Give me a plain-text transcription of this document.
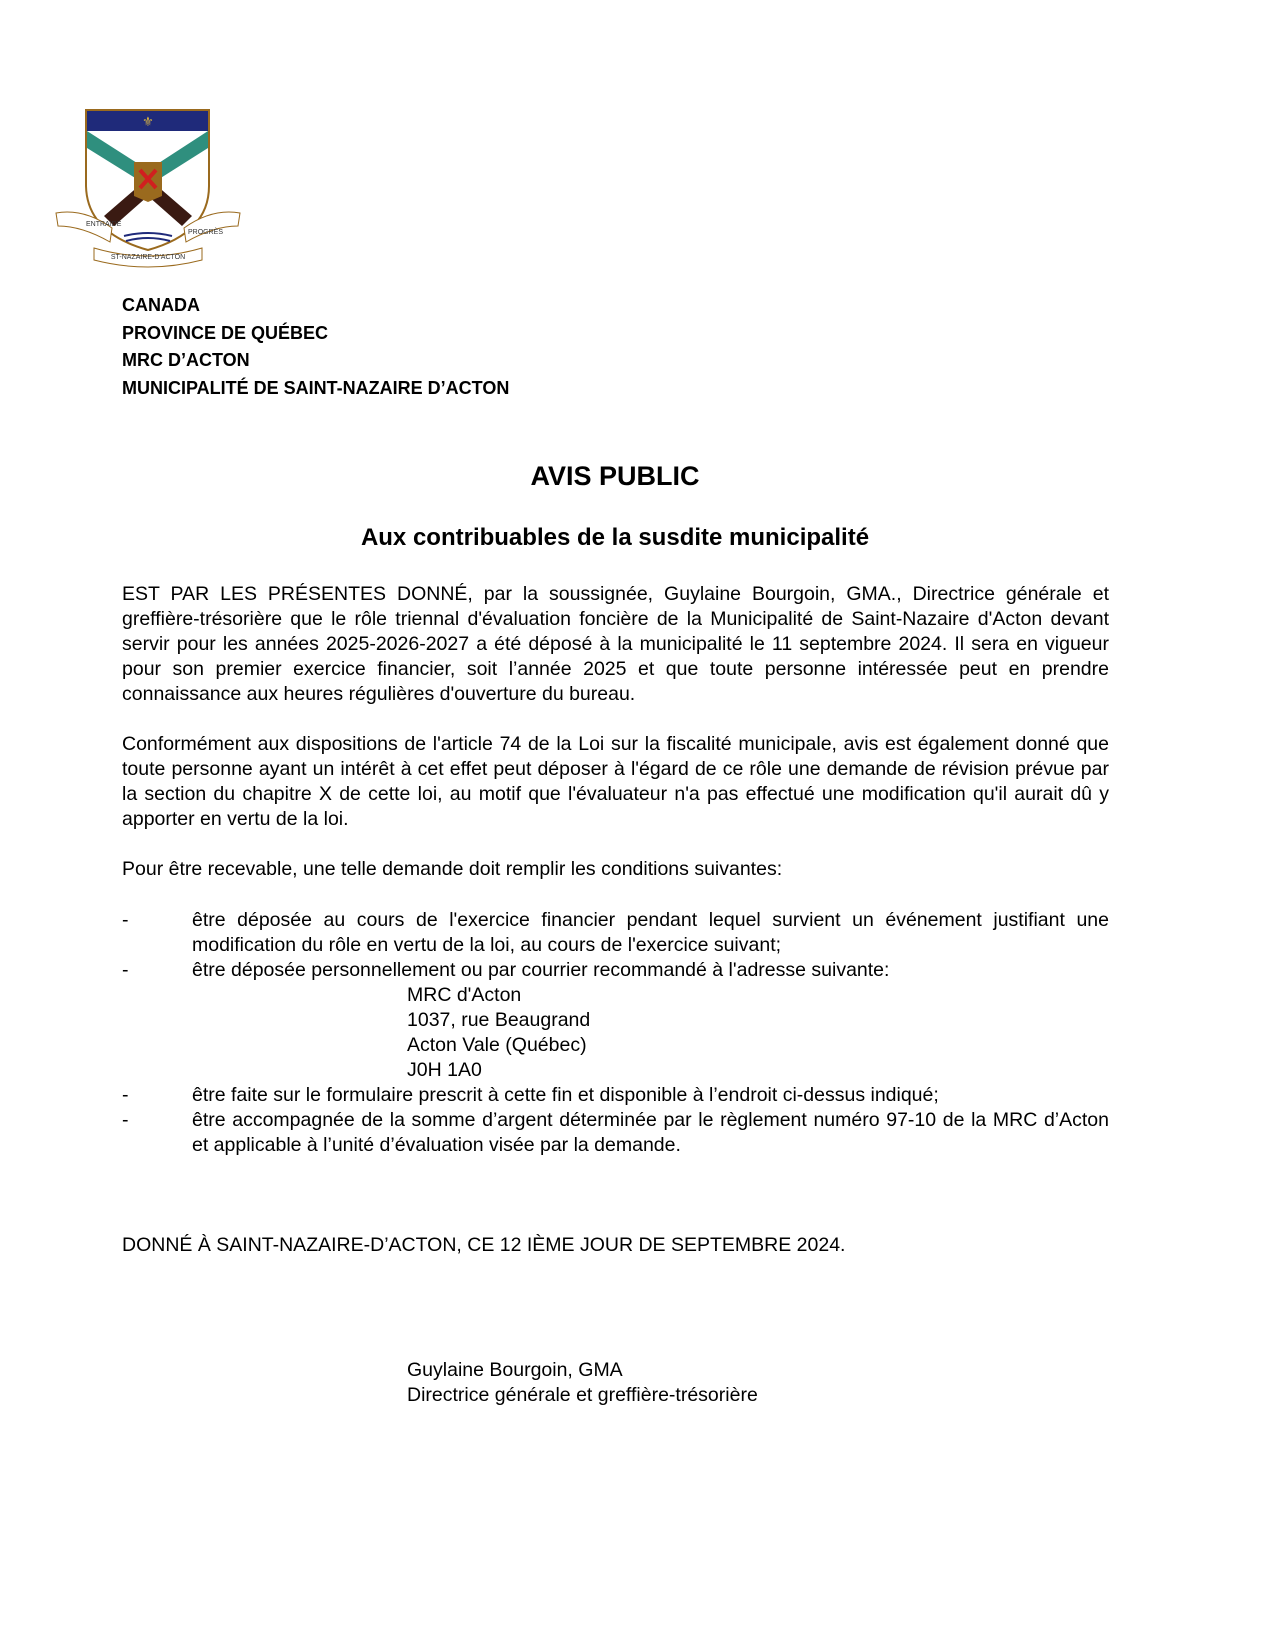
⚜
ENTRAIDE
PROGRÈS
ST-NAZAIRE-D'ACTON
CANADA
PROVINCE DE QUÉBEC
MRC D’ACTON
MUNICIPALITÉ DE SAINT-NAZAIRE D’ACTON
AVIS PUBLIC
Aux contribuables de la susdite municipalité

EST PAR LES PRÉSENTES DONNÉ, par la soussignée, Guylaine Bourgoin, GMA., Directrice générale et greffière-trésorière que le rôle triennal d'évaluation foncière de la Municipalité de Saint-Nazaire d'Acton devant servir pour les années 2025-2026-2027 a été déposé à la municipalité le 11 septembre 2024. Il sera en vigueur pour son premier exercice financier, soit l’année 2025 et que toute personne intéressée peut en prendre connaissance aux heures régulières d'ouverture du bureau.

Conformément aux dispositions de l'article 74 de la Loi sur la fiscalité municipale, avis est également donné que toute personne ayant un intérêt à cet effet peut déposer à l'égard de ce rôle une demande de révision prévue par la section du chapitre X de cette loi, au motif que l'évaluateur n'a pas effectué une modification qu'il aurait dû y apporter en vertu de la loi.

Pour être recevable, une telle demande doit remplir les conditions suivantes:

-	être déposée au cours de l'exercice financier pendant lequel survient un événement justifiant une modification du rôle en vertu de la loi, au cours de l'exercice suivant;
-	être déposée personnellement ou par courrier recommandé à l'adresse suivante:
MRC d'Acton
1037, rue Beaugrand
Acton Vale (Québec)
J0H 1A0
-	être faite sur le formulaire prescrit à cette fin et disponible à l’endroit ci-dessus indiqué;
-	être accompagnée de la somme d’argent déterminée par le règlement numéro 97-10 de la MRC d’Acton et applicable à l’unité d’évaluation visée par la demande.
DONNÉ À SAINT-NAZAIRE-D’ACTON, CE 12 IÈME JOUR DE SEPTEMBRE 2024.
Guylaine Bourgoin, GMA
Directrice générale et greffière-trésorière
